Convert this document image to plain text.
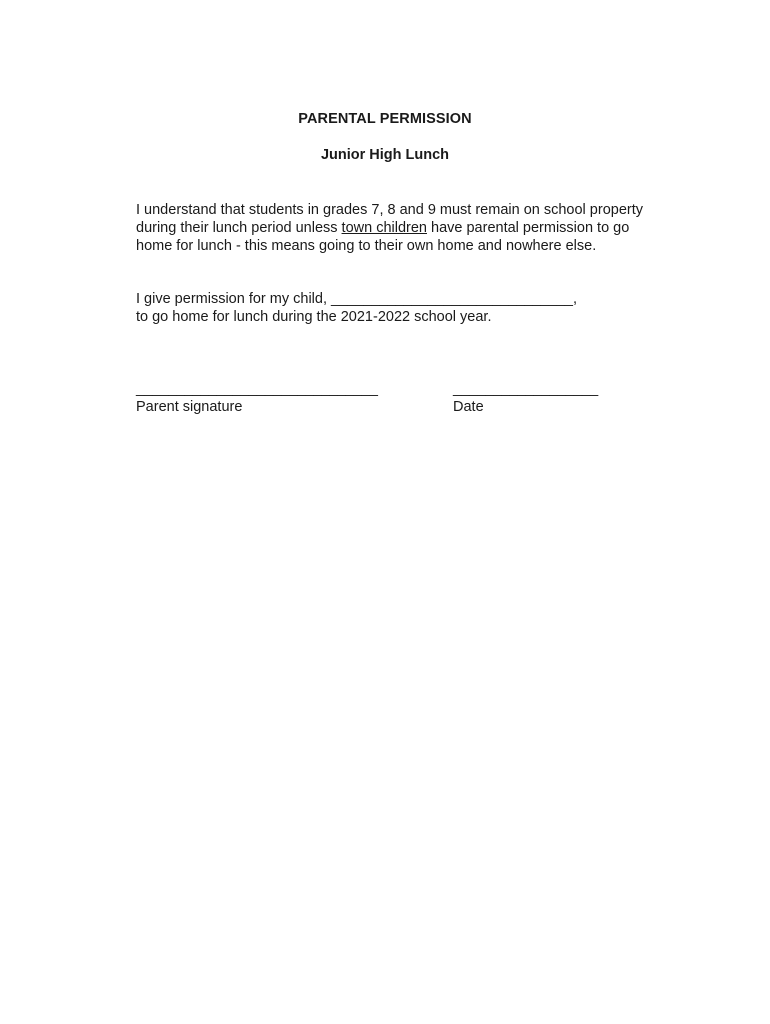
PARENTAL PERMISSION
Junior High Lunch
I understand that students in grades 7, 8 and 9 must remain on school property during their lunch period unless town children have parental permission to go home for lunch - this means going to their own home and nowhere else.
I give permission for my child, ______________________________,
to go home for lunch during the 2021-2022 school year.
______________________________
Parent signature
__________________
Date
